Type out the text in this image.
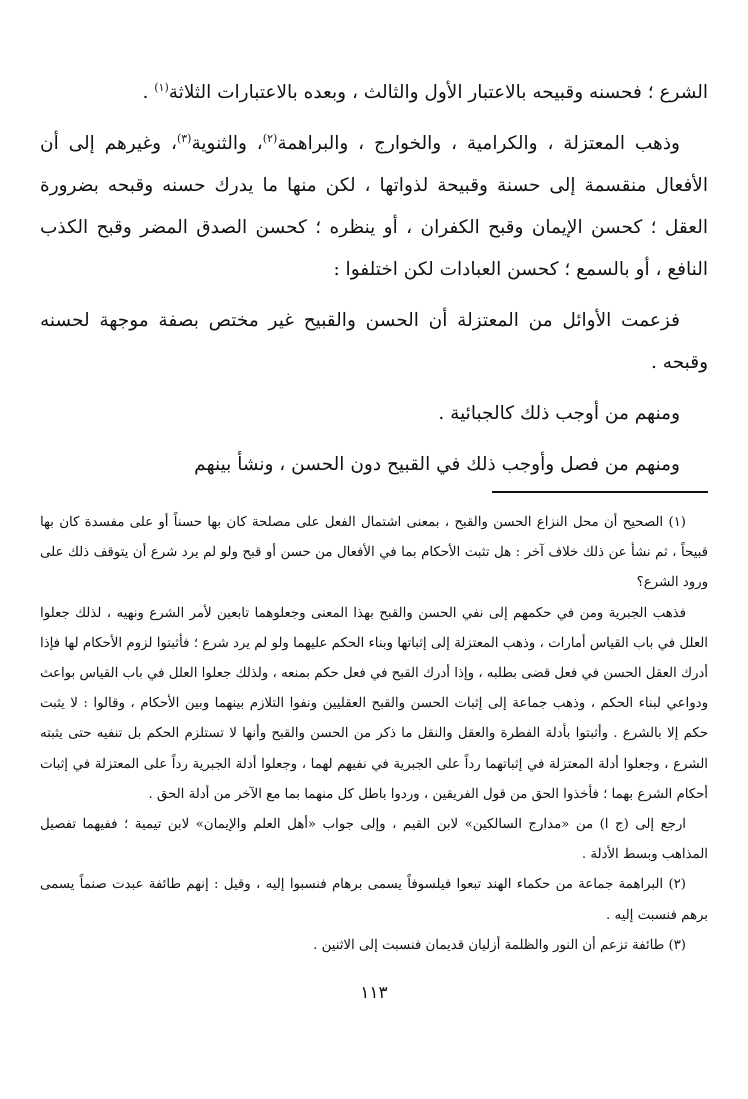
الشرع ؛ فحسنه وقبيحه بالاعتبار الأول والثالث ، وبعده بالاعتبارات الثلاثة$^{(١)}$ .

وذهب المعتزلة ، والكرامية ، والخوارج ، والبراهمة$^{(٢)}$، والثنوية$^{(٣)}$، وغيرهم إلى أن الأفعال منقسمة إلى حسنة وقبيحة لذواتها ، لكن منها ما يدرك حسنه وقبحه بضرورة العقل ؛ كحسن الإيمان وقبح الكفران ، أو ينظره ؛ كحسن الصدق المضر وقبح الكذب النافع ، أو بالسمع ؛ كحسن العبادات لكن اختلفوا :

فزعمت الأوائل من المعتزلة أن الحسن والقبيح غير مختص بصفة موجهة لحسنه وقبحه .

ومنهم من أوجب ذلك كالجبائية .

ومنهم من فصل وأوجب ذلك في القبيح دون الحسن ، ونشأ بينهم

(١) الصحيح أن محل النزاع الحسن والقبح ، بمعنى اشتمال الفعل على مصلحة كان بها حسناً أو على مفسدة كان بها قبيحاً ، ثم نشأ عن ذلك خلاف آخر : هل تثبت الأحكام بما في الأفعال من حسن أو قبح ولو لم يرد شرع أن يتوقف ذلك على ورود الشرع؟

فذهب الجبرية ومن في حكمهم إلى نفي الحسن والقبح بهذا المعنى وجعلوهما تابعين لأمر الشرع ونهيه ، لذلك جعلوا العلل في باب القياس أمارات ، وذهب المعتزلة إلى إثباتها وبناء الحكم عليهما ولو لم يرد شرع ؛ فأثبتوا لزوم الأحكام لها فإذا أدرك العقل الحسن في فعل قضى بطلبه ، وإذا أدرك القبح في فعل حكم بمنعه ، ولذلك جعلوا العلل في باب القياس بواعث ودواعي لبناء الحكم ، وذهب جماعة إلى إثبات الحسن والقبح العقليين ونفوا التلازم بينهما وبين الأحكام ، وقالوا : لا يثبت حكم إلا بالشرع . وأثبتوا بأدلة الفطرة والعقل والنقل ما ذكر من الحسن والقبح وأنها لا تستلزم الحكم بل تنفيه حتى يثبته الشرع ، وجعلوا أدلة المعتزلة في إثباتهما رداً على الجبرية في نفيهم لهما ، وجعلوا أدلة الجبرية رداً على المعتزلة في إثبات أحكام الشرع بهما ؛ فأخذوا الحق من قول الفريقين ، وردوا باطل كل منهما بما مع الآخر من أدلة الحق .

ارجع إلى (ج ا) من «مدارج السالكين» لابن القيم ، وإلى جواب «أهل العلم والإيمان» لابن تيمية ؛ ففيهما تفصيل المذاهب وبسط الأدلة .

(٢) البراهمة جماعة من حكماء الهند تبعوا فيلسوفاً يسمى برهام فنسبوا إليه ، وقيل : إنهم طائفة عبدت صنماً يسمى برهم فنسبت إليه .

(٣) طائفة تزعم أن النور والظلمة أزليان قديمان فنسبت إلى الاثنين .

١١٣
